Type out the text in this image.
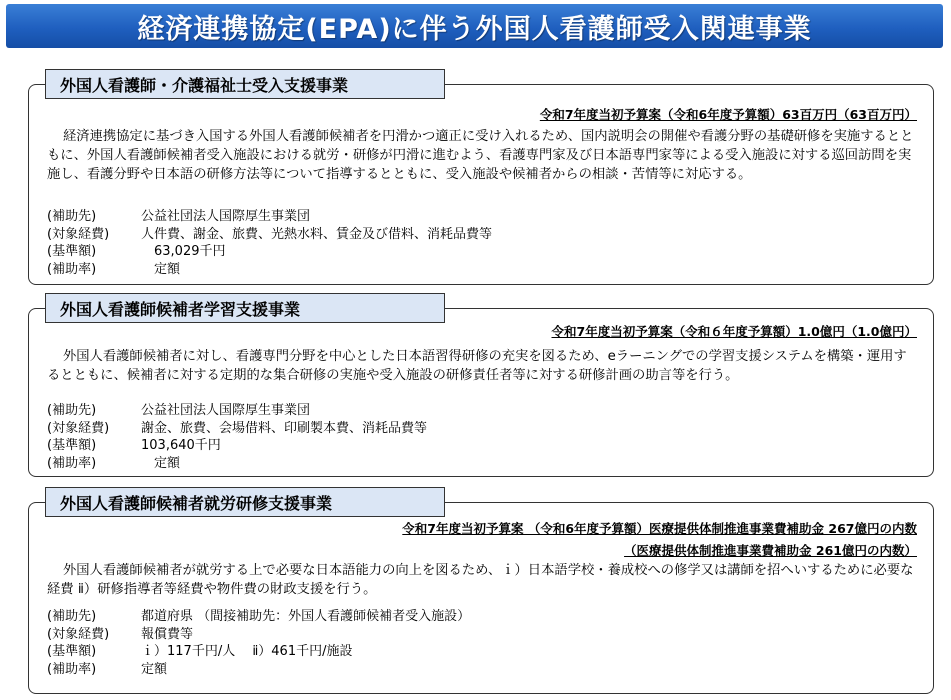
経済連携協定(EPA)に伴う外国人看護師受入関連事業
外国人看護師・介護福祉士受入支援事業
令和7年度当初予算案（令和6年度予算額）63百万円（63百万円）
経済連携協定に基づき入国する外国人看護師候補者を円滑かつ適正に受け入れるため、国内説明会の開催や看護分野の基礎研修を実施するとともに、外国人看護師候補者受入施設における就労・研修が円滑に進むよう、看護専門家及び日本語専門家等による受入施設に対する巡回訪問を実施し、看護分野や日本語の研修方法等について指導するとともに、受入施設や候補者からの相談・苦情等に対応する。
(補助先)	公益社団法人国際厚生事業団
(対象経費)	人件費、謝金、旅費、光熱水料、賃金及び借料、消耗品費等
(基準額)	　63,029千円
(補助率)	　定額
外国人看護師候補者学習支援事業
令和7年度当初予算案（令和６年度予算額）1.0億円（1.0億円）
外国人看護師候補者に対し、看護専門分野を中心とした日本語習得研修の充実を図るため、eラーニングでの学習支援システムを構築・運用するとともに、候補者に対する定期的な集合研修の実施や受入施設の研修責任者等に対する研修計画の助言等を行う。
(補助先)	公益社団法人国際厚生事業団
(対象経費)	謝金、旅費、会場借料、印刷製本費、消耗品費等
(基準額)	103,640千円
(補助率)	　定額
外国人看護師候補者就労研修支援事業
令和7年度当初予算案 （令和6年度予算額）医療提供体制推進事業費補助金 267億円の内数
（医療提供体制推進事業費補助金 261億円の内数）
外国人看護師候補者が就労する上で必要な日本語能力の向上を図るため、ｉ）日本語学校・養成校への修学又は講師を招へいするために必要な経費 ⅱ）研修指導者等経費や物件費の財政支援を行う。
(補助先)	都道府県 （間接補助先：外国人看護師候補者受入施設）
(対象経費)	報償費等
(基準額)	ｉ）117千円/人　 ⅱ）461千円/施設
(補助率)	定額
